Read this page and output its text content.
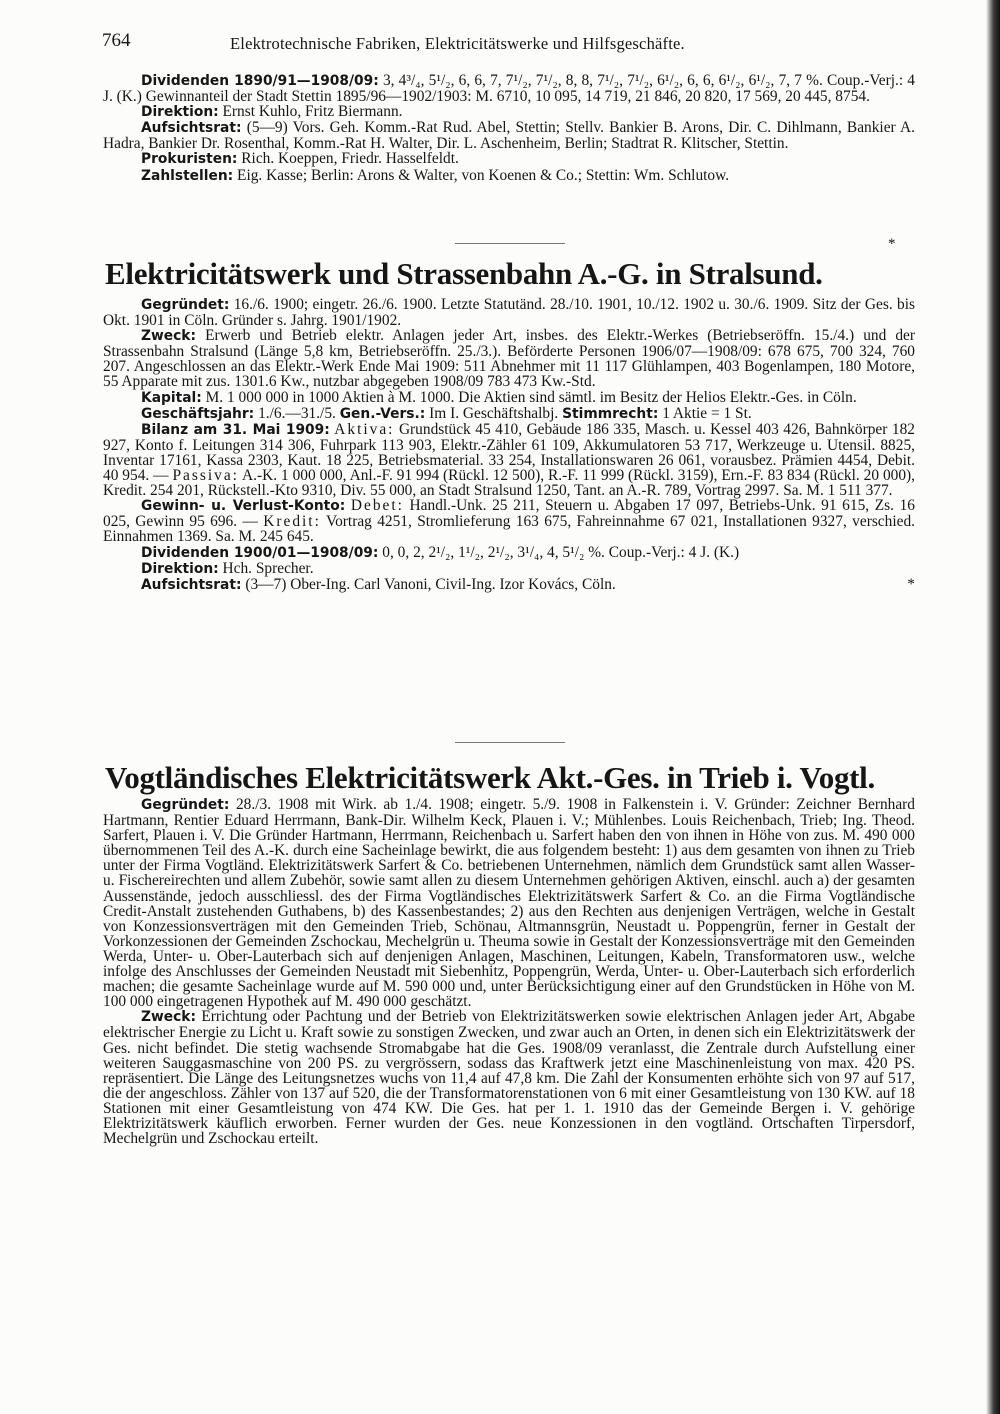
764	Elektrotechnische Fabriken, Elektricitätswerke und Hilfsgeschäfte.

Dividenden 1890/91—1908/09: 3, 4³/₄, 5¹/₂, 6, 6, 7, 7¹/₂, 7¹/₂, 8, 8, 7¹/₂, 7¹/₂, 6¹/₂, 6, 6, 6¹/₂, 6¹/₂, 7, 7 %. Coup.-Verj.: 4 J. (K.) Gewinnanteil der Stadt Stettin 1895/96—1902/1903: M. 6710, 10 095, 14 719, 21 846, 20 820, 17 569, 20 445, 8754.

Direktion: Ernst Kuhlo, Fritz Biermann.

Aufsichtsrat: (5—9) Vors. Geh. Komm.-Rat Rud. Abel, Stettin; Stellv. Bankier B. Arons, Dir. C. Dihlmann, Bankier A. Hadra, Bankier Dr. Rosenthal, Komm.-Rat H. Walter, Dir. L. Aschenheim, Berlin; Stadtrat R. Klitscher, Stettin.

Prokuristen: Rich. Koeppen, Friedr. Hasselfeldt.

Zahlstellen: Eig. Kasse; Berlin: Arons & Walter, von Koenen & Co.; Stettin: Wm. Schlutow.

*
Elektricitätswerk und Strassenbahn A.-G. in Stralsund.

Gegründet: 16./6. 1900; eingetr. 26./6. 1900. Letzte Statutänd. 28./10. 1901, 10./12. 1902 u. 30./6. 1909. Sitz der Ges. bis Okt. 1901 in Cöln. Gründer s. Jahrg. 1901/1902.

Zweck: Erwerb und Betrieb elektr. Anlagen jeder Art, insbes. des Elektr.-Werkes (Betriebseröffn. 15./4.) und der Strassenbahn Stralsund (Länge 5,8 km, Betriebseröffn. 25./3.). Beförderte Personen 1906/07—1908/09: 678 675, 700 324, 760 207. Angeschlossen an das Elektr.-Werk Ende Mai 1909: 511 Abnehmer mit 11 117 Glühlampen, 403 Bogenlampen, 180 Motore, 55 Apparate mit zus. 1301.6 Kw., nutzbar abgegeben 1908/09 783 473 Kw.-Std.

Kapital: M. 1 000 000 in 1000 Aktien à M. 1000. Die Aktien sind sämtl. im Besitz der Helios Elektr.-Ges. in Cöln.

Geschäftsjahr: 1./6.—31./5. Gen.-Vers.: Im I. Geschäftshalbj. Stimmrecht: 1 Aktie = 1 St.

Bilanz am 31. Mai 1909: Aktiva: Grundstück 45 410, Gebäude 186 335, Masch. u. Kessel 403 426, Bahnkörper 182 927, Konto f. Leitungen 314 306, Fuhrpark 113 903, Elektr.-Zähler 61 109, Akkumulatoren 53 717, Werkzeuge u. Utensil. 8825, Inventar 17161, Kassa 2303, Kaut. 18 225, Betriebsmaterial. 33 254, Installationswaren 26 061, vorausbez. Prämien 4454, Debit. 40 954. — Passiva: A.-K. 1 000 000, Anl.-F. 91 994 (Rückl. 12 500), R.-F. 11 999 (Rückl. 3159), Ern.-F. 83 834 (Rückl. 20 000), Kredit. 254 201, Rückstell.-Kto 9310, Div. 55 000, an Stadt Stralsund 1250, Tant. an A.-R. 789, Vortrag 2997. Sa. M. 1 511 377.

Gewinn- u. Verlust-Konto: Debet: Handl.-Unk. 25 211, Steuern u. Abgaben 17 097, Betriebs-Unk. 91 615, Zs. 16 025, Gewinn 95 696. — Kredit: Vortrag 4251, Stromlieferung 163 675, Fahreinnahme 67 021, Installationen 9327, verschied. Einnahmen 1369. Sa. M. 245 645.

Dividenden 1900/01—1908/09: 0, 0, 2, 2¹/₂, 1¹/₂, 2¹/₂, 3¹/₄, 4, 5¹/₂ %. Coup.-Verj.: 4 J. (K.)

Direktion: Hch. Sprecher.

*
Aufsichtsrat: (3—7) Ober-Ing. Carl Vanoni, Civil-Ing. Izor Kovács, Cöln.

Vogtländisches Elektricitätswerk Akt.-Ges. in Trieb i. Vogtl.

Gegründet: 28./3. 1908 mit Wirk. ab 1./4. 1908; eingetr. 5./9. 1908 in Falkenstein i. V. Gründer: Zeichner Bernhard Hartmann, Rentier Eduard Herrmann, Bank-Dir. Wilhelm Keck, Plauen i. V.; Mühlenbes. Louis Reichenbach, Trieb; Ing. Theod. Sarfert, Plauen i. V. Die Gründer Hartmann, Herrmann, Reichenbach u. Sarfert haben den von ihnen in Höhe von zus. M. 490 000 übernommenen Teil des A.-K. durch eine Sacheinlage bewirkt, die aus folgendem besteht: 1) aus dem gesamten von ihnen zu Trieb unter der Firma Vogtländ. Elektrizitätswerk Sarfert & Co. betriebenen Unternehmen, nämlich dem Grundstück samt allen Wasser- u. Fischereirechten und allem Zubehör, sowie samt allen zu diesem Unternehmen gehörigen Aktiven, einschl. auch a) der gesamten Aussenstände, jedoch ausschliessl. des der Firma Vogtländisches Elektrizitätswerk Sarfert & Co. an die Firma Vogtländische Credit-Anstalt zustehenden Guthabens, b) des Kassenbestandes; 2) aus den Rechten aus denjenigen Verträgen, welche in Gestalt von Konzessionsverträgen mit den Gemeinden Trieb, Schönau, Altmannsgrün, Neustadt u. Poppengrün, ferner in Gestalt der Vorkonzessionen der Gemeinden Zschockau, Mechelgrün u. Theuma sowie in Gestalt der Konzessionsverträge mit den Gemeinden Werda, Unter- u. Ober-Lauterbach sich auf denjenigen Anlagen, Maschinen, Leitungen, Kabeln, Transformatoren usw., welche infolge des Anschlusses der Gemeinden Neustadt mit Siebenhitz, Poppengrün, Werda, Unter- u. Ober-Lauterbach sich erforderlich machen; die gesamte Sacheinlage wurde auf M. 590 000 und, unter Berücksichtigung einer auf den Grundstücken in Höhe von M. 100 000 eingetragenen Hypothek auf M. 490 000 geschätzt.

Zweck: Errichtung oder Pachtung und der Betrieb von Elektrizitätswerken sowie elektrischen Anlagen jeder Art, Abgabe elektrischer Energie zu Licht u. Kraft sowie zu sonstigen Zwecken, und zwar auch an Orten, in denen sich ein Elektrizitätswerk der Ges. nicht befindet. Die stetig wachsende Stromabgabe hat die Ges. 1908/09 veranlasst, die Zentrale durch Aufstellung einer weiteren Sauggasmaschine von 200 PS. zu vergrössern, sodass das Kraftwerk jetzt eine Maschinenleistung von max. 420 PS. repräsentiert. Die Länge des Leitungsnetzes wuchs von 11,4 auf 47,8 km. Die Zahl der Konsumenten erhöhte sich von 97 auf 517, die der angeschloss. Zähler von 137 auf 520, die der Transformatorenstationen von 6 mit einer Gesamtleistung von 130 KW. auf 18 Stationen mit einer Gesamtleistung von 474 KW. Die Ges. hat per 1. 1. 1910 das der Gemeinde Bergen i. V. gehörige Elektrizitätswerk käuflich erworben. Ferner wurden der Ges. neue Konzessionen in den vogtländ. Ortschaften Tirpersdorf, Mechelgrün und Zschockau erteilt.
